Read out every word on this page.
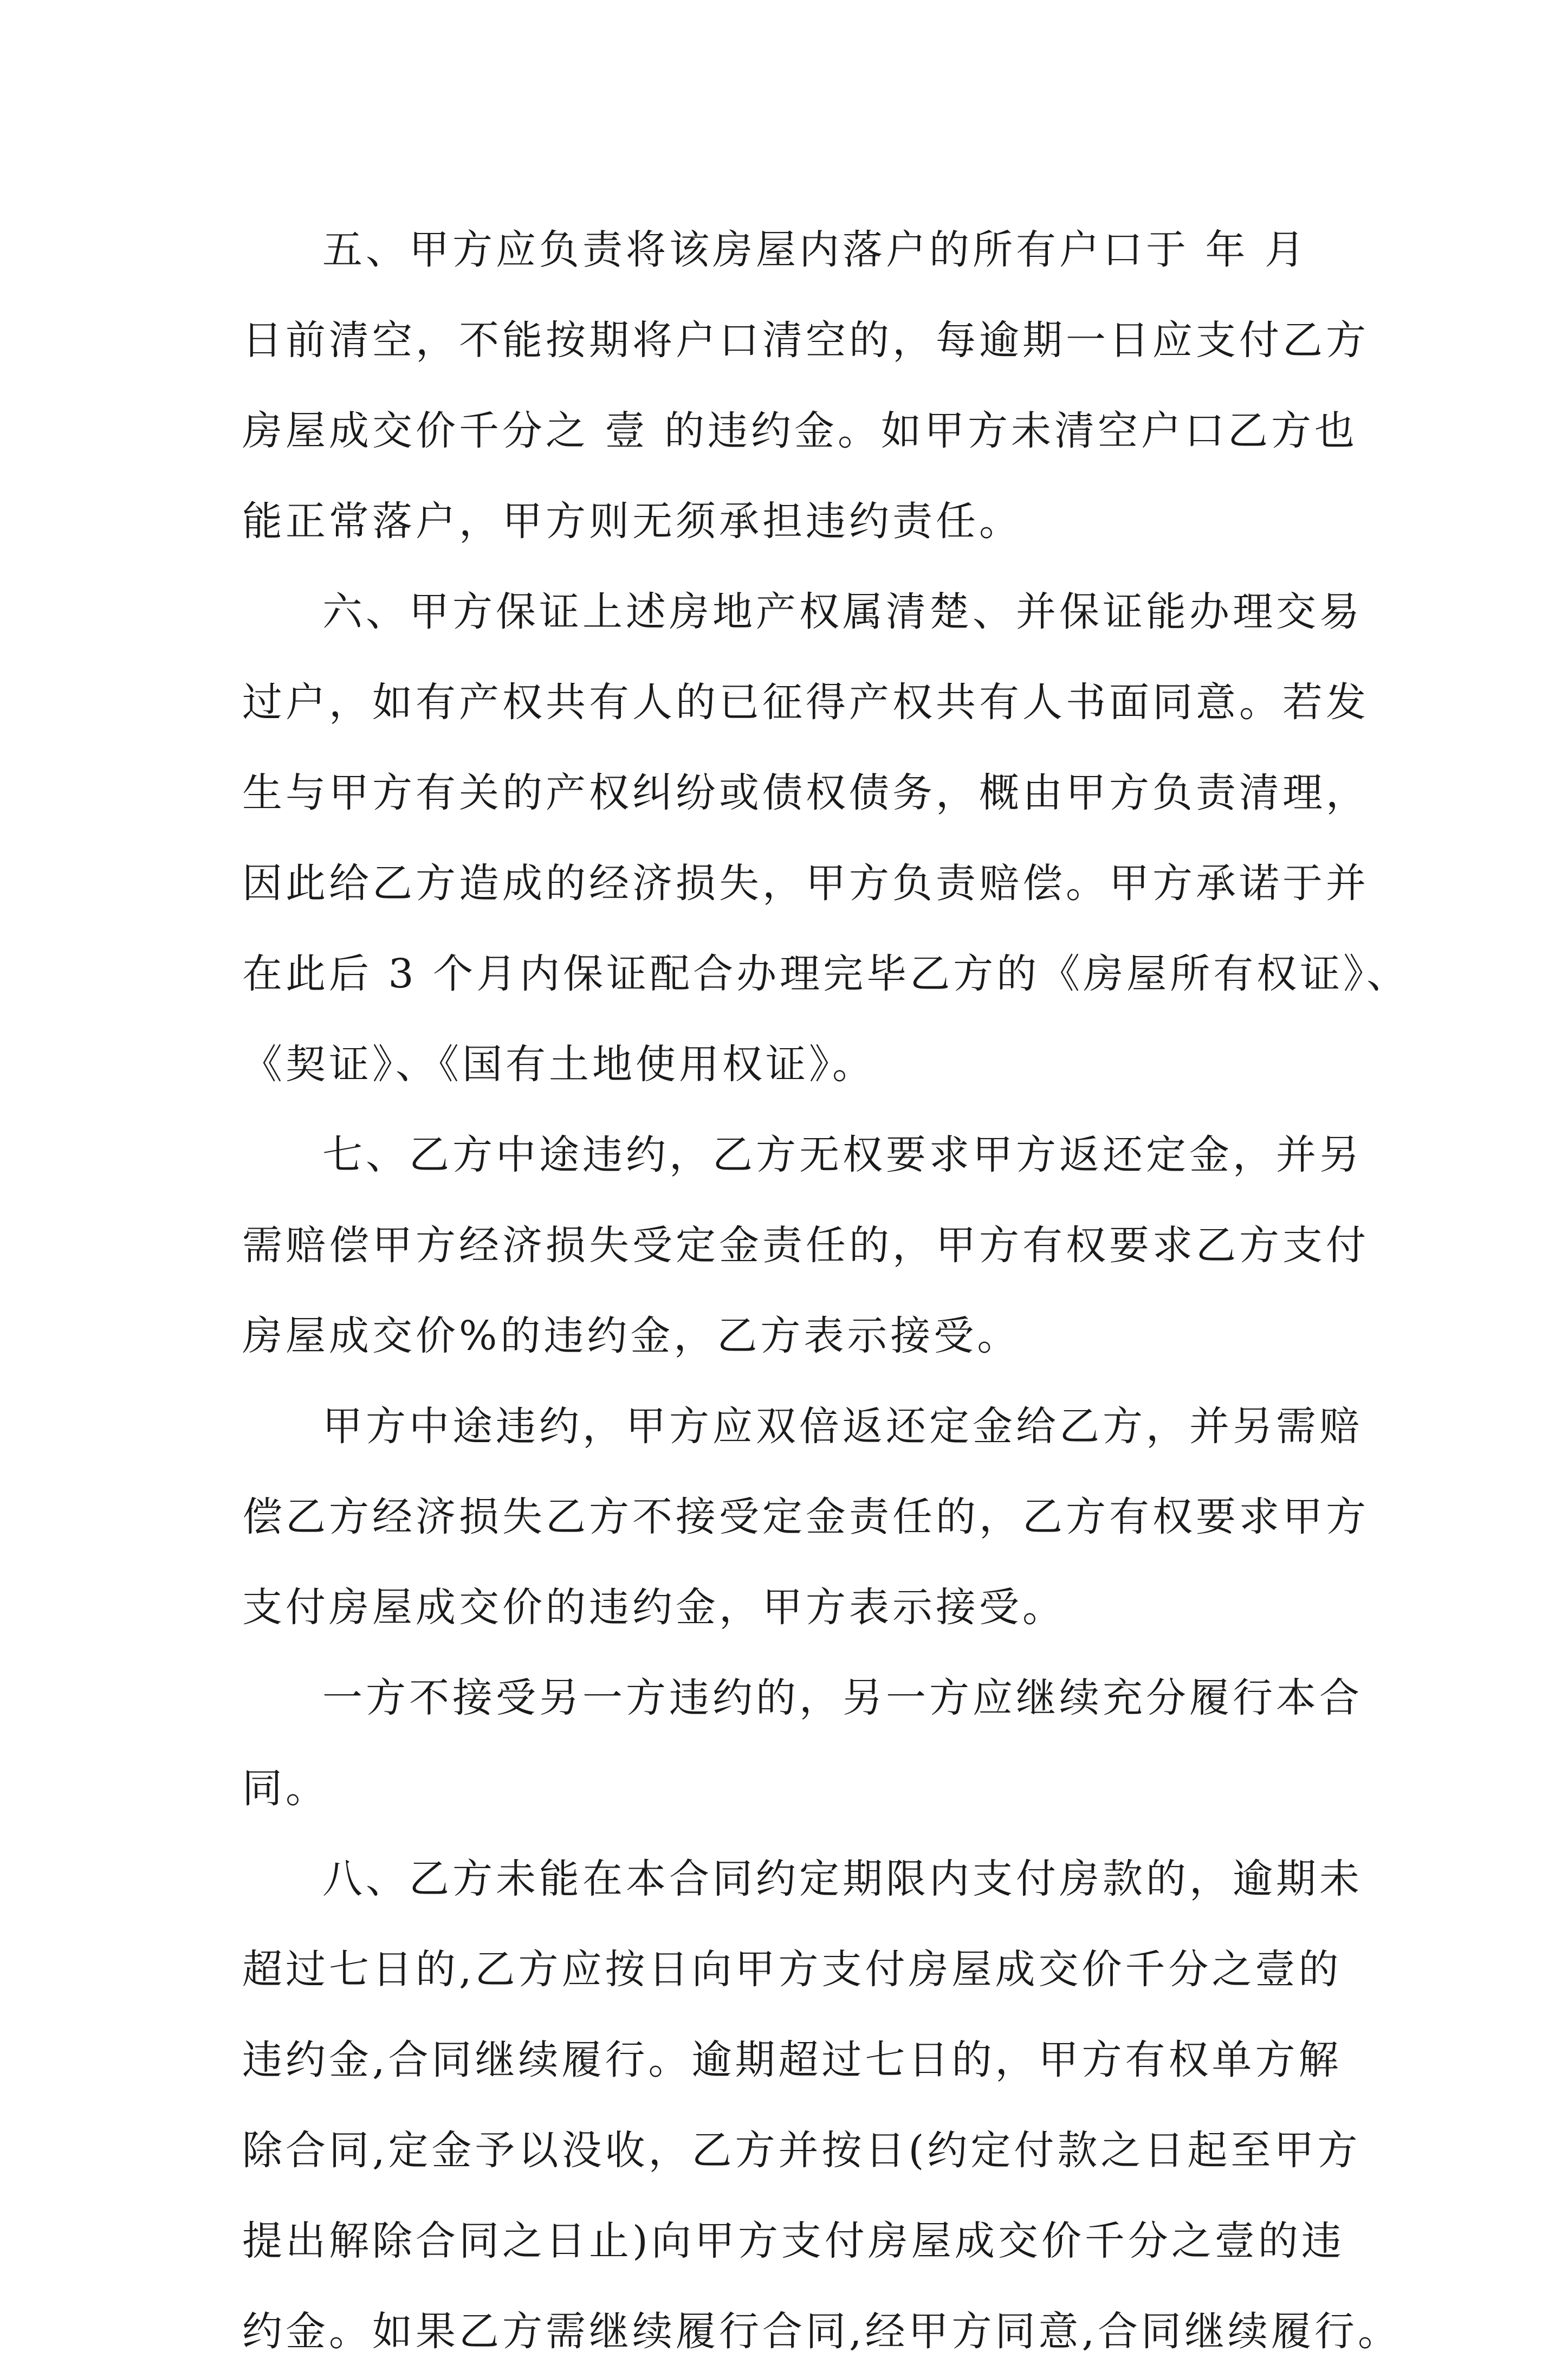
五、甲方应负责将该房屋内落户的所有户口于 年 月
日前清空，不能按期将户口清空的，每逾期一日应支付乙方
房屋成交价千分之 壹 的违约金。如甲方未清空户口乙方也
能正常落户，甲方则无须承担违约责任。
六、甲方保证上述房地产权属清楚、并保证能办理交易
过户，如有产权共有人的已征得产权共有人书面同意。若发
生与甲方有关的产权纠纷或债权债务，概由甲方负责清理，
因此给乙方造成的经济损失，甲方负责赔偿。甲方承诺于并
在此后 3 个月内保证配合办理完毕乙方的《房屋所有权证》、
《契证》、《国有土地使用权证》。
七、乙方中途违约，乙方无权要求甲方返还定金，并另
需赔偿甲方经济损失受定金责任的，甲方有权要求乙方支付
房屋成交价%的违约金，乙方表示接受。
甲方中途违约，甲方应双倍返还定金给乙方，并另需赔
偿乙方经济损失乙方不接受定金责任的，乙方有权要求甲方
支付房屋成交价的违约金，甲方表示接受。
一方不接受另一方违约的，另一方应继续充分履行本合
同。
八、乙方未能在本合同约定期限内支付房款的，逾期未
超过七日的,乙方应按日向甲方支付房屋成交价千分之壹的
违约金,合同继续履行。逾期超过七日的，甲方有权单方解
除合同,定金予以没收，乙方并按日(约定付款之日起至甲方
提出解除合同之日止)向甲方支付房屋成交价千分之壹的违
约金。如果乙方需继续履行合同,经甲方同意,合同继续履行。
